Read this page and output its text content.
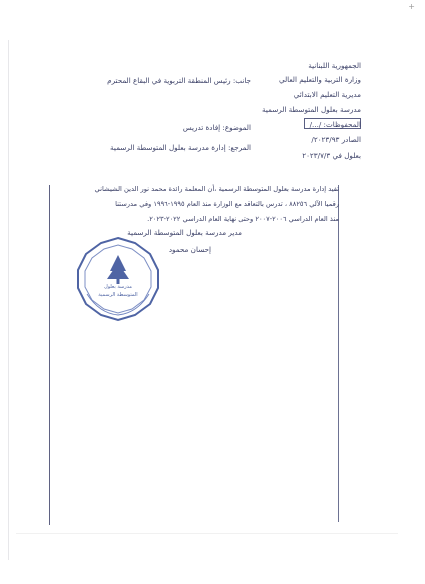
+
الجمهورية اللبنانية
وزارة التربية والتعليم العالي
مديرية التعليم الابتدائي
مدرسة بعلول المتوسطة الرسمية
المحفوظات: /.../
الصادر ٢٠٢٣/٩٣/
بعلول في ٢٠٢٣/٧/٣
جانب: رئيس المنطقة التربوية في البقاع المحترم
الموضوع: إفادة تدريس
المرجع: إدارة مدرسة بعلول المتوسطة الرسمية
تفيد إدارة مدرسة بعلول المتوسطة الرسمية ،أن المعلمة رائدة محمد نور الدين الشيشاني
رقميا الآلي ٨٨٢٥٦ ، تدرس بالتعاقد مع الوزارة منذ العام ١٩٩٥-١٩٩٦ وفي مدرستنا
منذ العام الدراسي ٢٠٠٦-٢٠٠٧ وحتى نهاية العام الدراسي ٢٠٢٢-٢٠٢٣.
مدير مدرسة بعلول المتوسطة الرسمية
إحسان محمود
مدرسة بعلول
المتوسطة الرسمية
